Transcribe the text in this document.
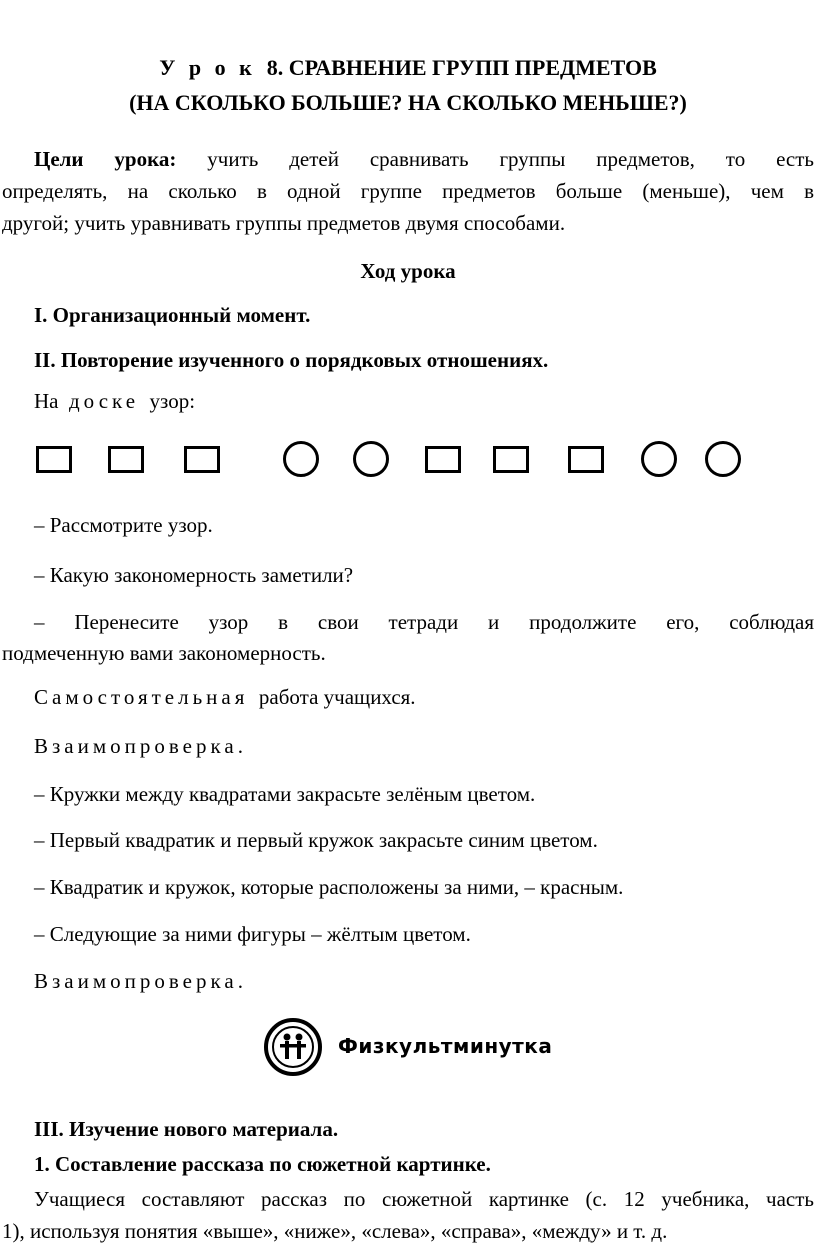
У р о к 8. СРАВНЕНИЕ ГРУПП ПРЕДМЕТОВ
(НА СКОЛЬКО БОЛЬШЕ? НА СКОЛЬКО МЕНЬШЕ?)
Цели урока: учить детей сравнивать группы предметов, то есть
определять, на сколько в одной группе предметов больше (меньше), чем в
другой; учить уравнивать группы предметов двумя способами.
Ход урока
I. Организационный момент.
II. Повторение изученного о порядковых отношениях.
На доске узор:
– Рассмотрите узор.
– Какую закономерность заметили?
– Перенесите узор в свои тетради и продолжите его, соблюдая
подмеченную вами закономерность.
Самостоятельная работа учащихся.
Взаимопроверка.
– Кружки между квадратами закрасьте зелёным цветом.
– Первый квадратик и первый кружок закрасьте синим цветом.
– Квадратик и кружок, которые расположены за ними, – красным.
– Следующие за ними фигуры – жёлтым цветом.
Взаимопроверка.
Физкультминутка
III. Изучение нового материала.
1. Составление рассказа по сюжетной картинке.
Учащиеся составляют рассказ по сюжетной картинке (с. 12 учебника, часть
1), используя понятия «выше», «ниже», «слева», «справа», «между» и т. д.
